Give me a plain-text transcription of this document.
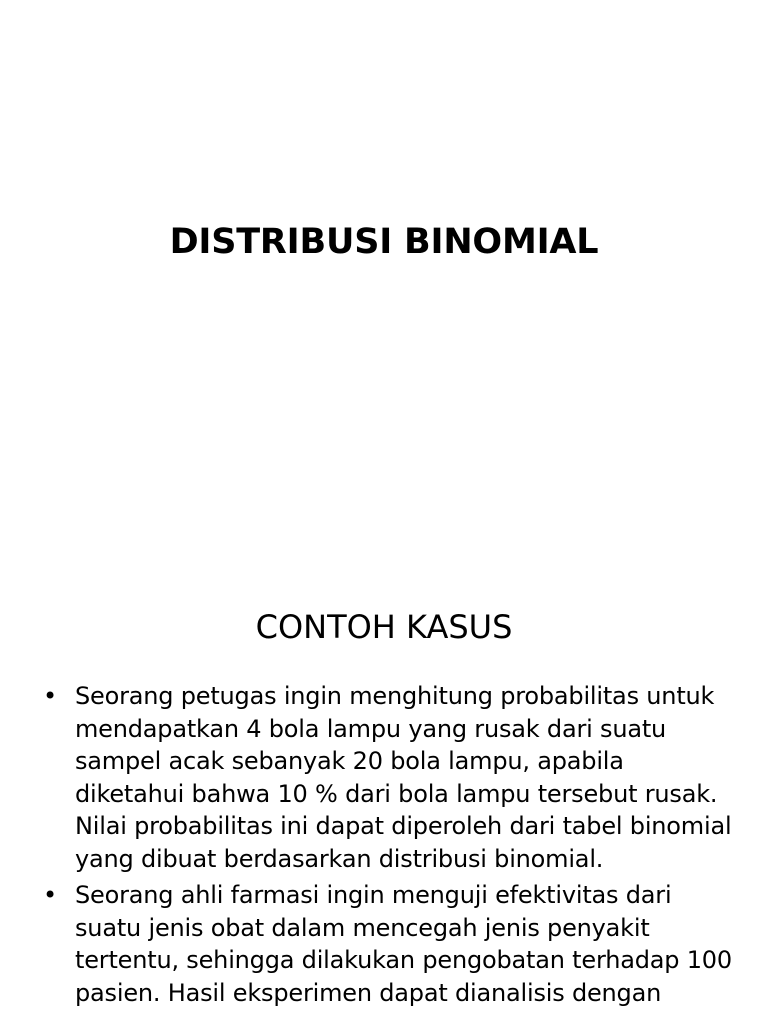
DISTRIBUSI BINOMIAL
CONTOH KASUS
• Seorang petugas ingin menghitung probabilitas untuk mendapatkan 4 bola lampu yang rusak dari suatu sampel acak sebanyak 20 bola lampu, apabila diketahui bahwa 10 % dari bola lampu tersebut rusak. Nilai probabilitas ini dapat diperoleh dari tabel binomial yang dibuat berdasarkan distribusi binomial.
• Seorang ahli farmasi ingin menguji efektivitas dari suatu jenis obat dalam mencegah jenis penyakit tertentu, sehingga dilakukan pengobatan terhadap 100 pasien. Hasil eksperimen dapat dianalisis dengan
